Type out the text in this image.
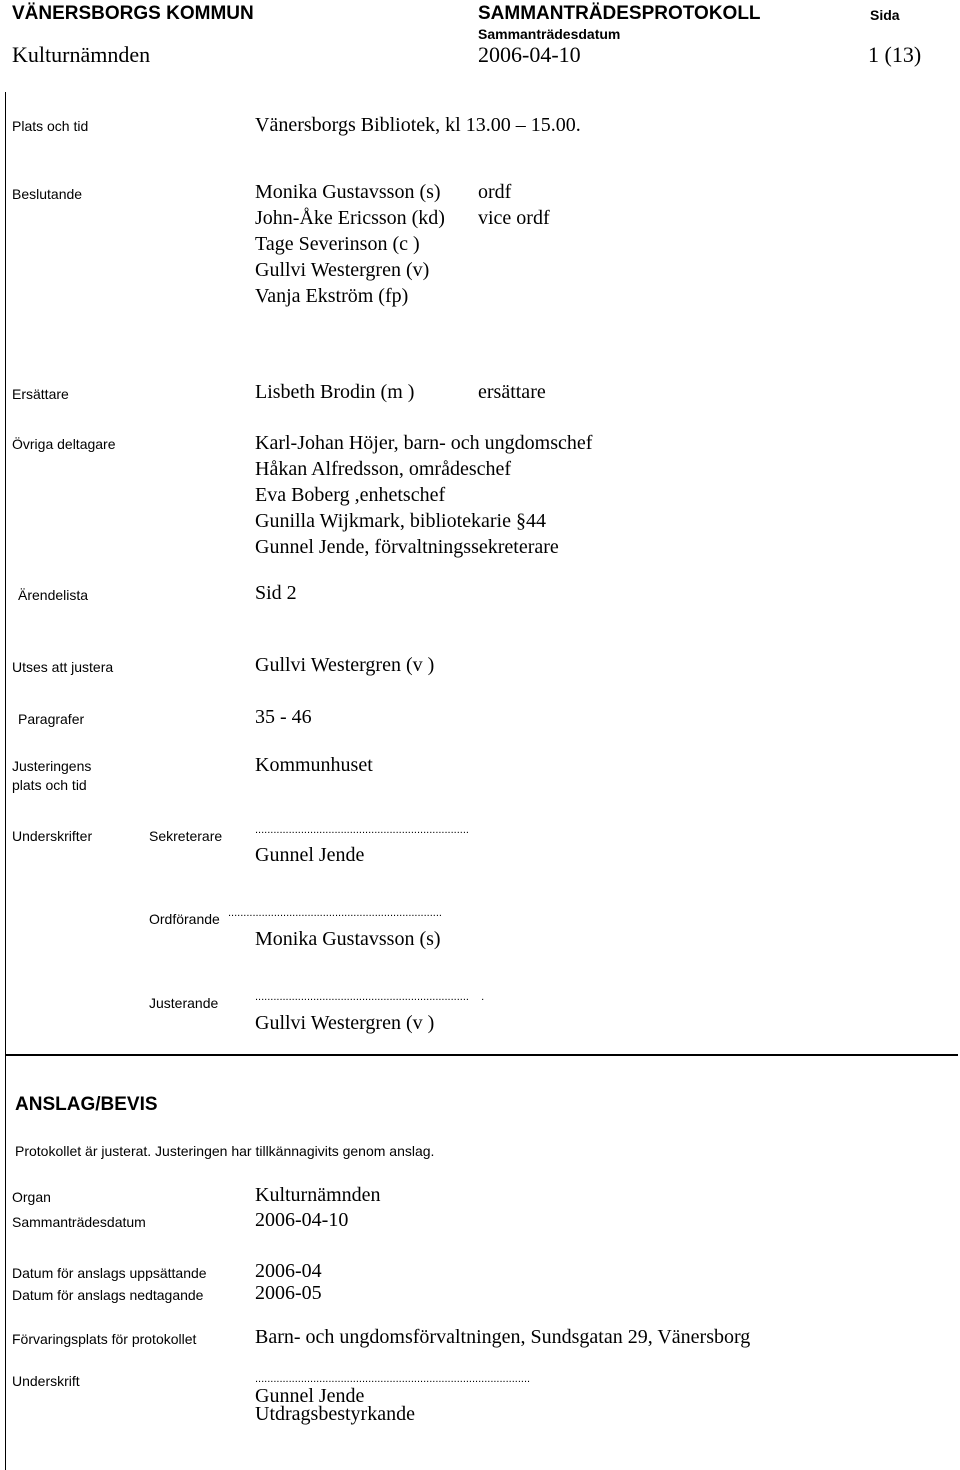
VÄNERSBORGS KOMMUN	SAMMANTRÄDESPROTOKOLL	Sida
Sammanträdesdatum
Kulturnämnden	2006-04-10	1 (13)
Plats och tid	Vänersborgs Bibliotek, kl 13.00 – 15.00.
Beslutande	Monika Gustavsson (s) ordf
John-Åke Ericsson (kd) vice ordf
Tage Severinson (c )
Gullvi Westergren (v)
Vanja Ekström (fp)
Ersättare	Lisbeth Brodin (m )	ersättare
Övriga deltagare	Karl-Johan Höjer, barn- och ungdomschef
Håkan Alfredsson, områdeschef
Eva Boberg ,enhetschef
Gunilla Wijkmark, bibliotekarie §44
Gunnel Jende, förvaltningssekreterare
Ärendelista	Sid 2
Utses att justera	Gullvi Westergren (v )
Paragrafer	35 - 46
Justeringens
plats och tid
Kommunhuset
Underskrifter	Sekreterare	......................................................................
Gunnel Jende
Ordförande ......................................................................
Monika Gustavsson (s)
Justerande	......................................................................    .
Gullvi Westergren (v )
ANSLAG/BEVIS
Protokollet är justerat. Justeringen har tillkännagivits genom anslag.
Organ	Kulturnämnden
Sammanträdesdatum	2006-04-10
Datum för anslags uppsättande 2006-04
Datum för anslags nedtagande	2006-05
Förvaringsplats för protokollet	Barn- och ungdomsförvaltningen, Sundsgatan 29, Vänersborg
Underskrift	..........................................................................................
Gunnel Jende
Utdragsbestyrkande
